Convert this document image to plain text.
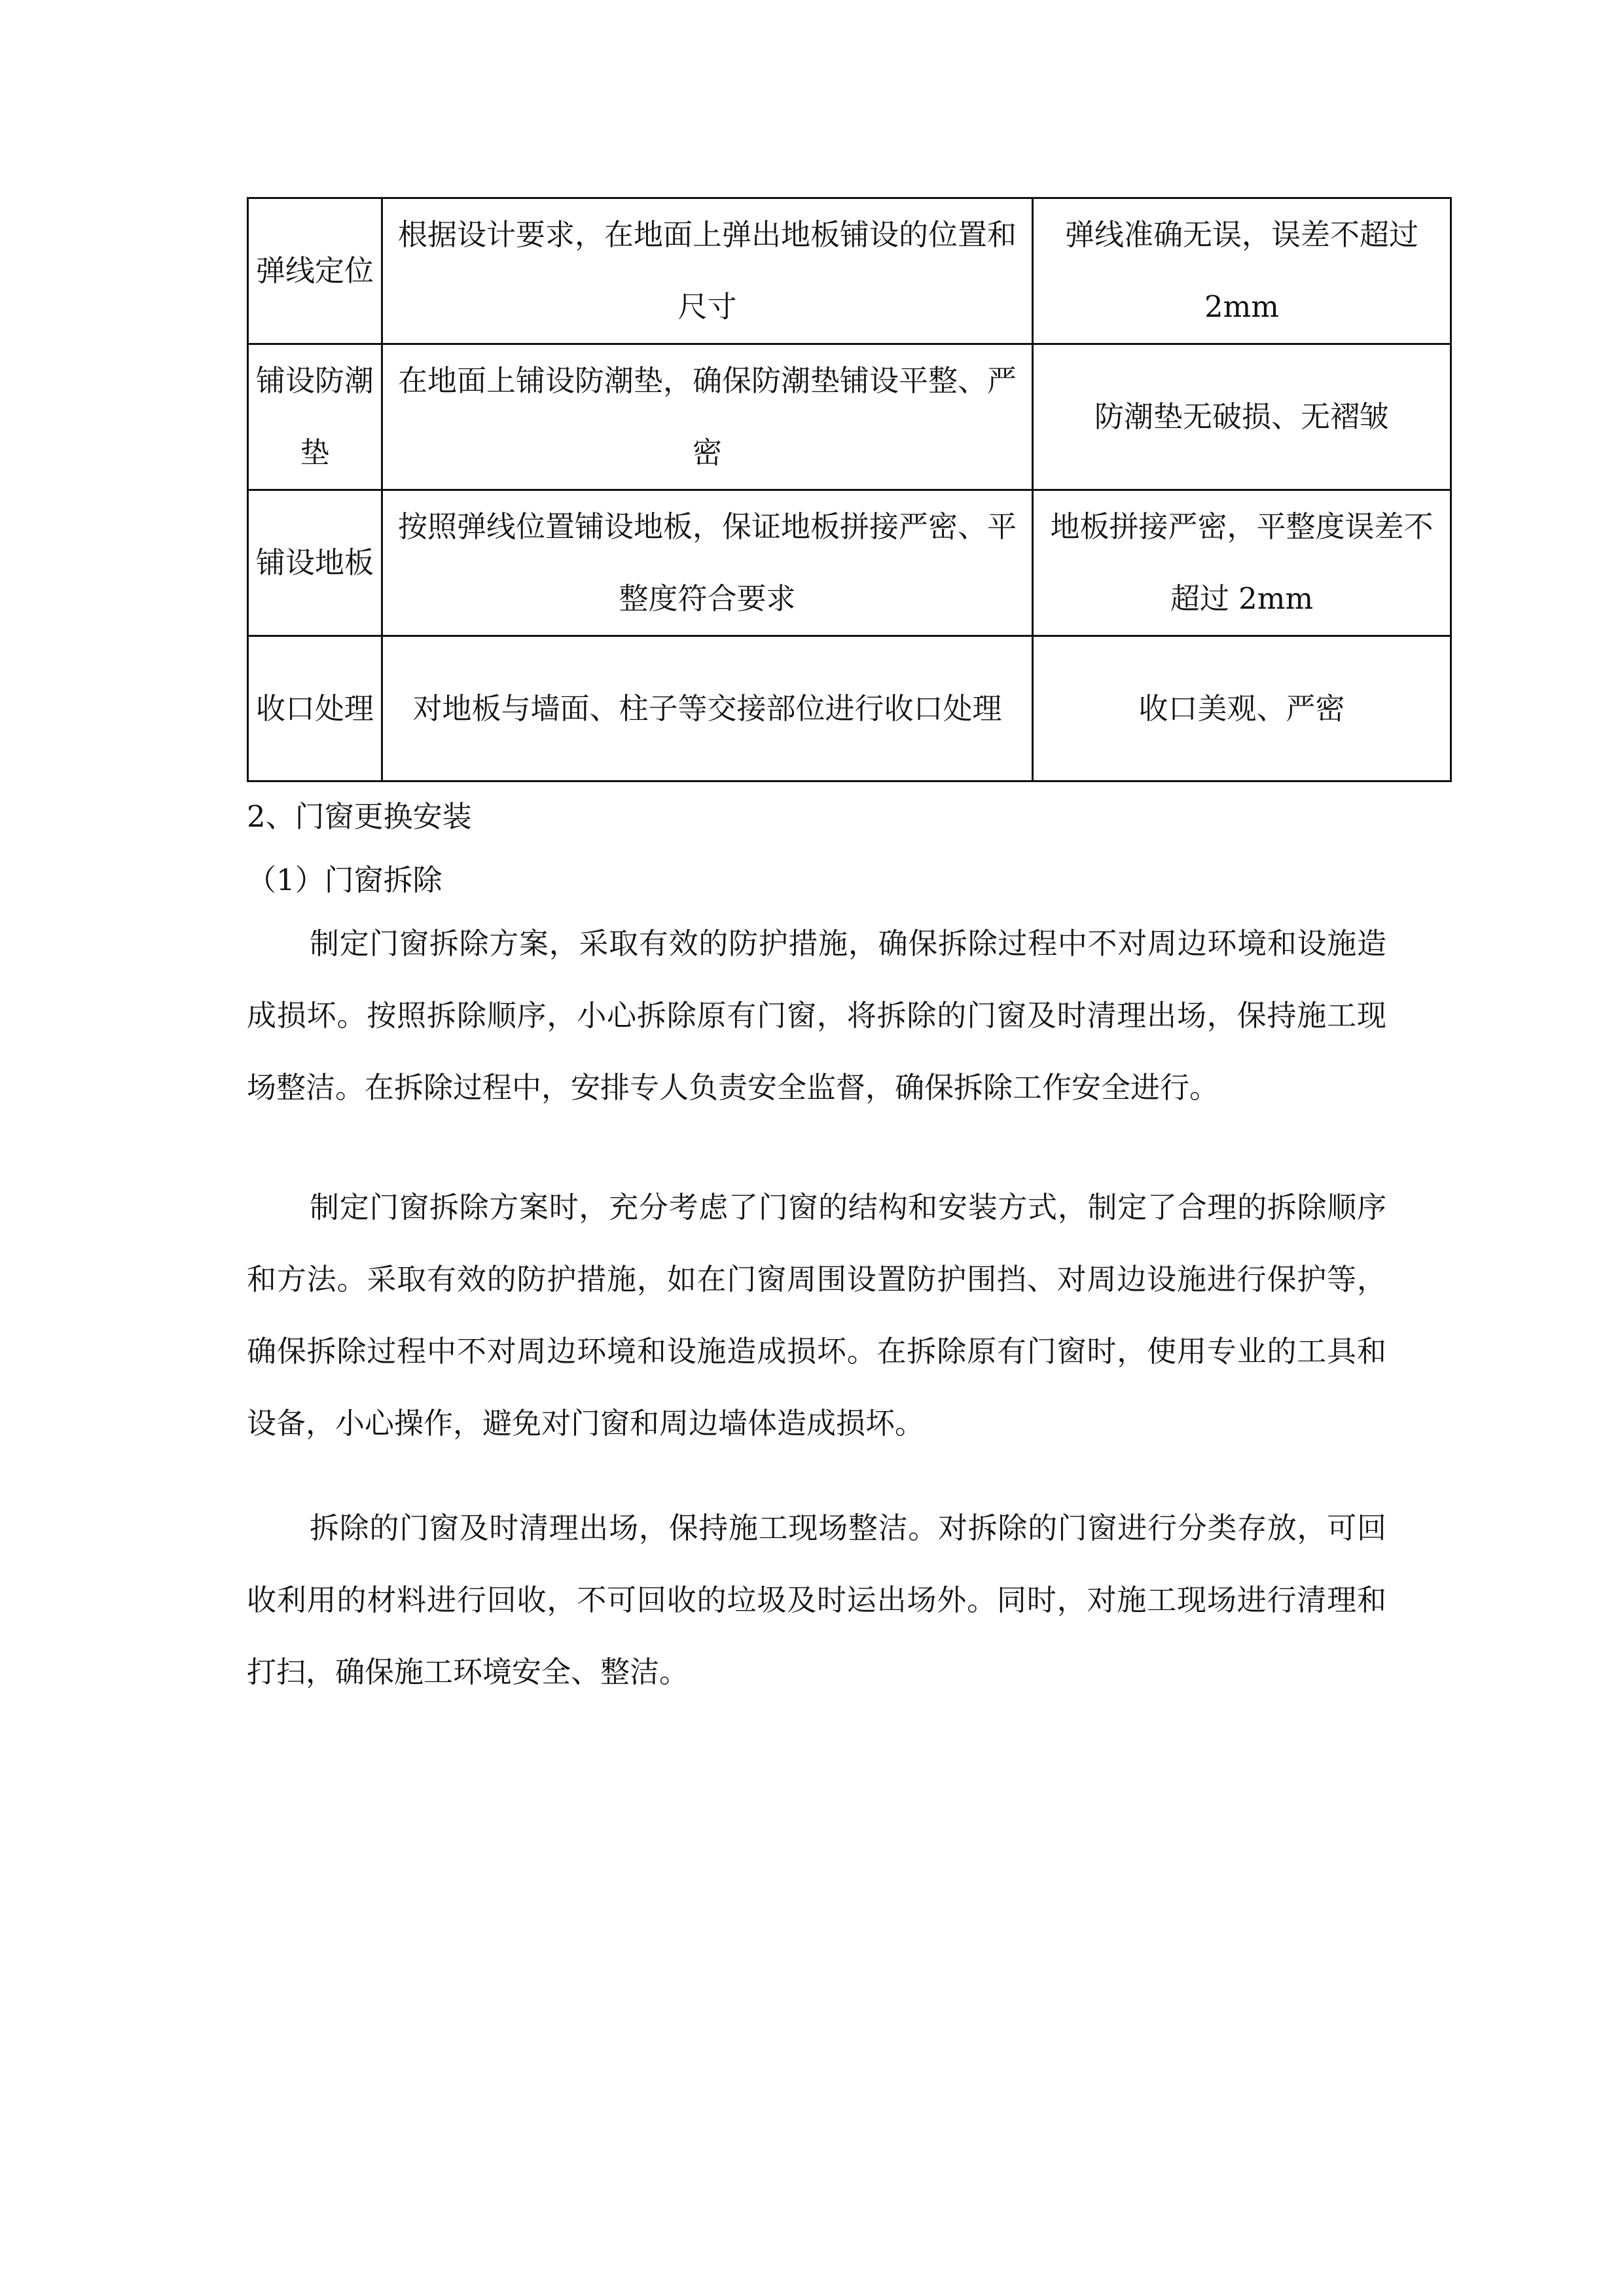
弹线定位	根据设计要求，在地面上弹出地板铺设的位置和尺寸	弹线准确无误，误差不超过 2mm

铺设防潮垫	在地面上铺设防潮垫，确保防潮垫铺设平整、严密	防潮垫无破损、无褶皱

铺设地板	按照弹线位置铺设地板，保证地板拼接严密、平整度符合要求	地板拼接严密，平整度误差不超过 2mm

收口处理	对地板与墙面、柱子等交接部位进行收口处理	收口美观、严密
2、门窗更换安装
（1）门窗拆除

制定门窗拆除方案，采取有效的防护措施，确保拆除过程中不对周边环境和设施造成损坏。按照拆除顺序，小心拆除原有门窗，将拆除的门窗及时清理出场，保持施工现场整洁。在拆除过程中，安排专人负责安全监督，确保拆除工作安全进行。

制定门窗拆除方案时，充分考虑了门窗的结构和安装方式，制定了合理的拆除顺序和方法。采取有效的防护措施，如在门窗周围设置防护围挡、对周边设施进行保护等，确保拆除过程中不对周边环境和设施造成损坏。在拆除原有门窗时，使用专业的工具和设备，小心操作，避免对门窗和周边墙体造成损坏。

拆除的门窗及时清理出场，保持施工现场整洁。对拆除的门窗进行分类存放，可回收利用的材料进行回收，不可回收的垃圾及时运出场外。同时，对施工现场进行清理和打扫，确保施工环境安全、整洁。
